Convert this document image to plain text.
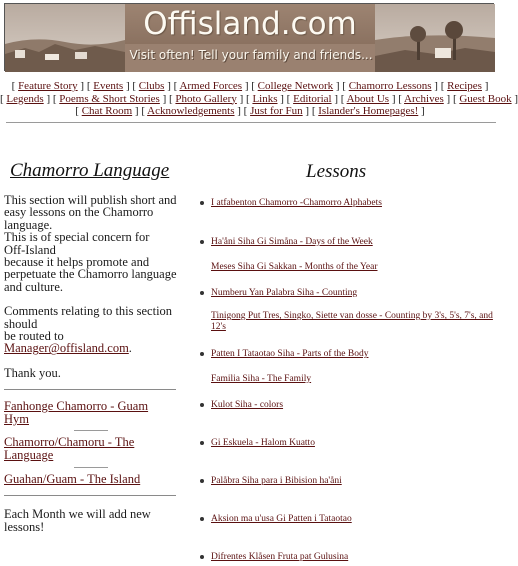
Offisland.com
Visit often! Tell your family and friends...
[ Feature Story ] [ Events ] [ Clubs ] [ Armed Forces ] [ College Network ] [ Chamorro Lessons ] [ Recipes ]
[ Legends ] [ Poems & Short Stories ] [ Photo Gallery ] [ Links ] [ Editorial ] [ About Us ] [ Archives ] [ Guest Book ]
[ Chat Room ] [ Acknowledgements ] [ Just for Fun ] [ Islander's Homepages! ]
Chamorro Language
This section will publish short and
easy lessons on the Chamorro
language.
This is of special concern for
Off-Island
because it helps promote and
perpetuate the Chamorro language
and culture.
Comments relating to this section
should
be routed to
Manager@offisland.com.
Thank you.
Fanhonge Chamorro - Guam
Hym
Chamorro/Chamoru - The
Language
Guahan/Guam - The Island
Each Month we will add new
lessons!
Lessons
I atfabenton Chamorro -Chamorro Alphabets
Ha'åni Siha Gi Simåna - Days of the Week
Meses Siha Gi Sakkan - Months of the Year
Numberu Yan Palabra Siha - Counting
Tinigong Put Tres, Singko, Siette van dosse - Counting by 3's, 5's, 7's, and 12's
Patten I Tataotao Siha - Parts of the Body
Familia Siha - The Family
Kulot Siha - colors
Gi Eskuela - Halom Kuatto
Palåbra Siha para i Bibision ha'åni
Aksion ma u'usa Gi Patten i Tataotao
Difrentes Klåsen Fruta pat Gulusina
